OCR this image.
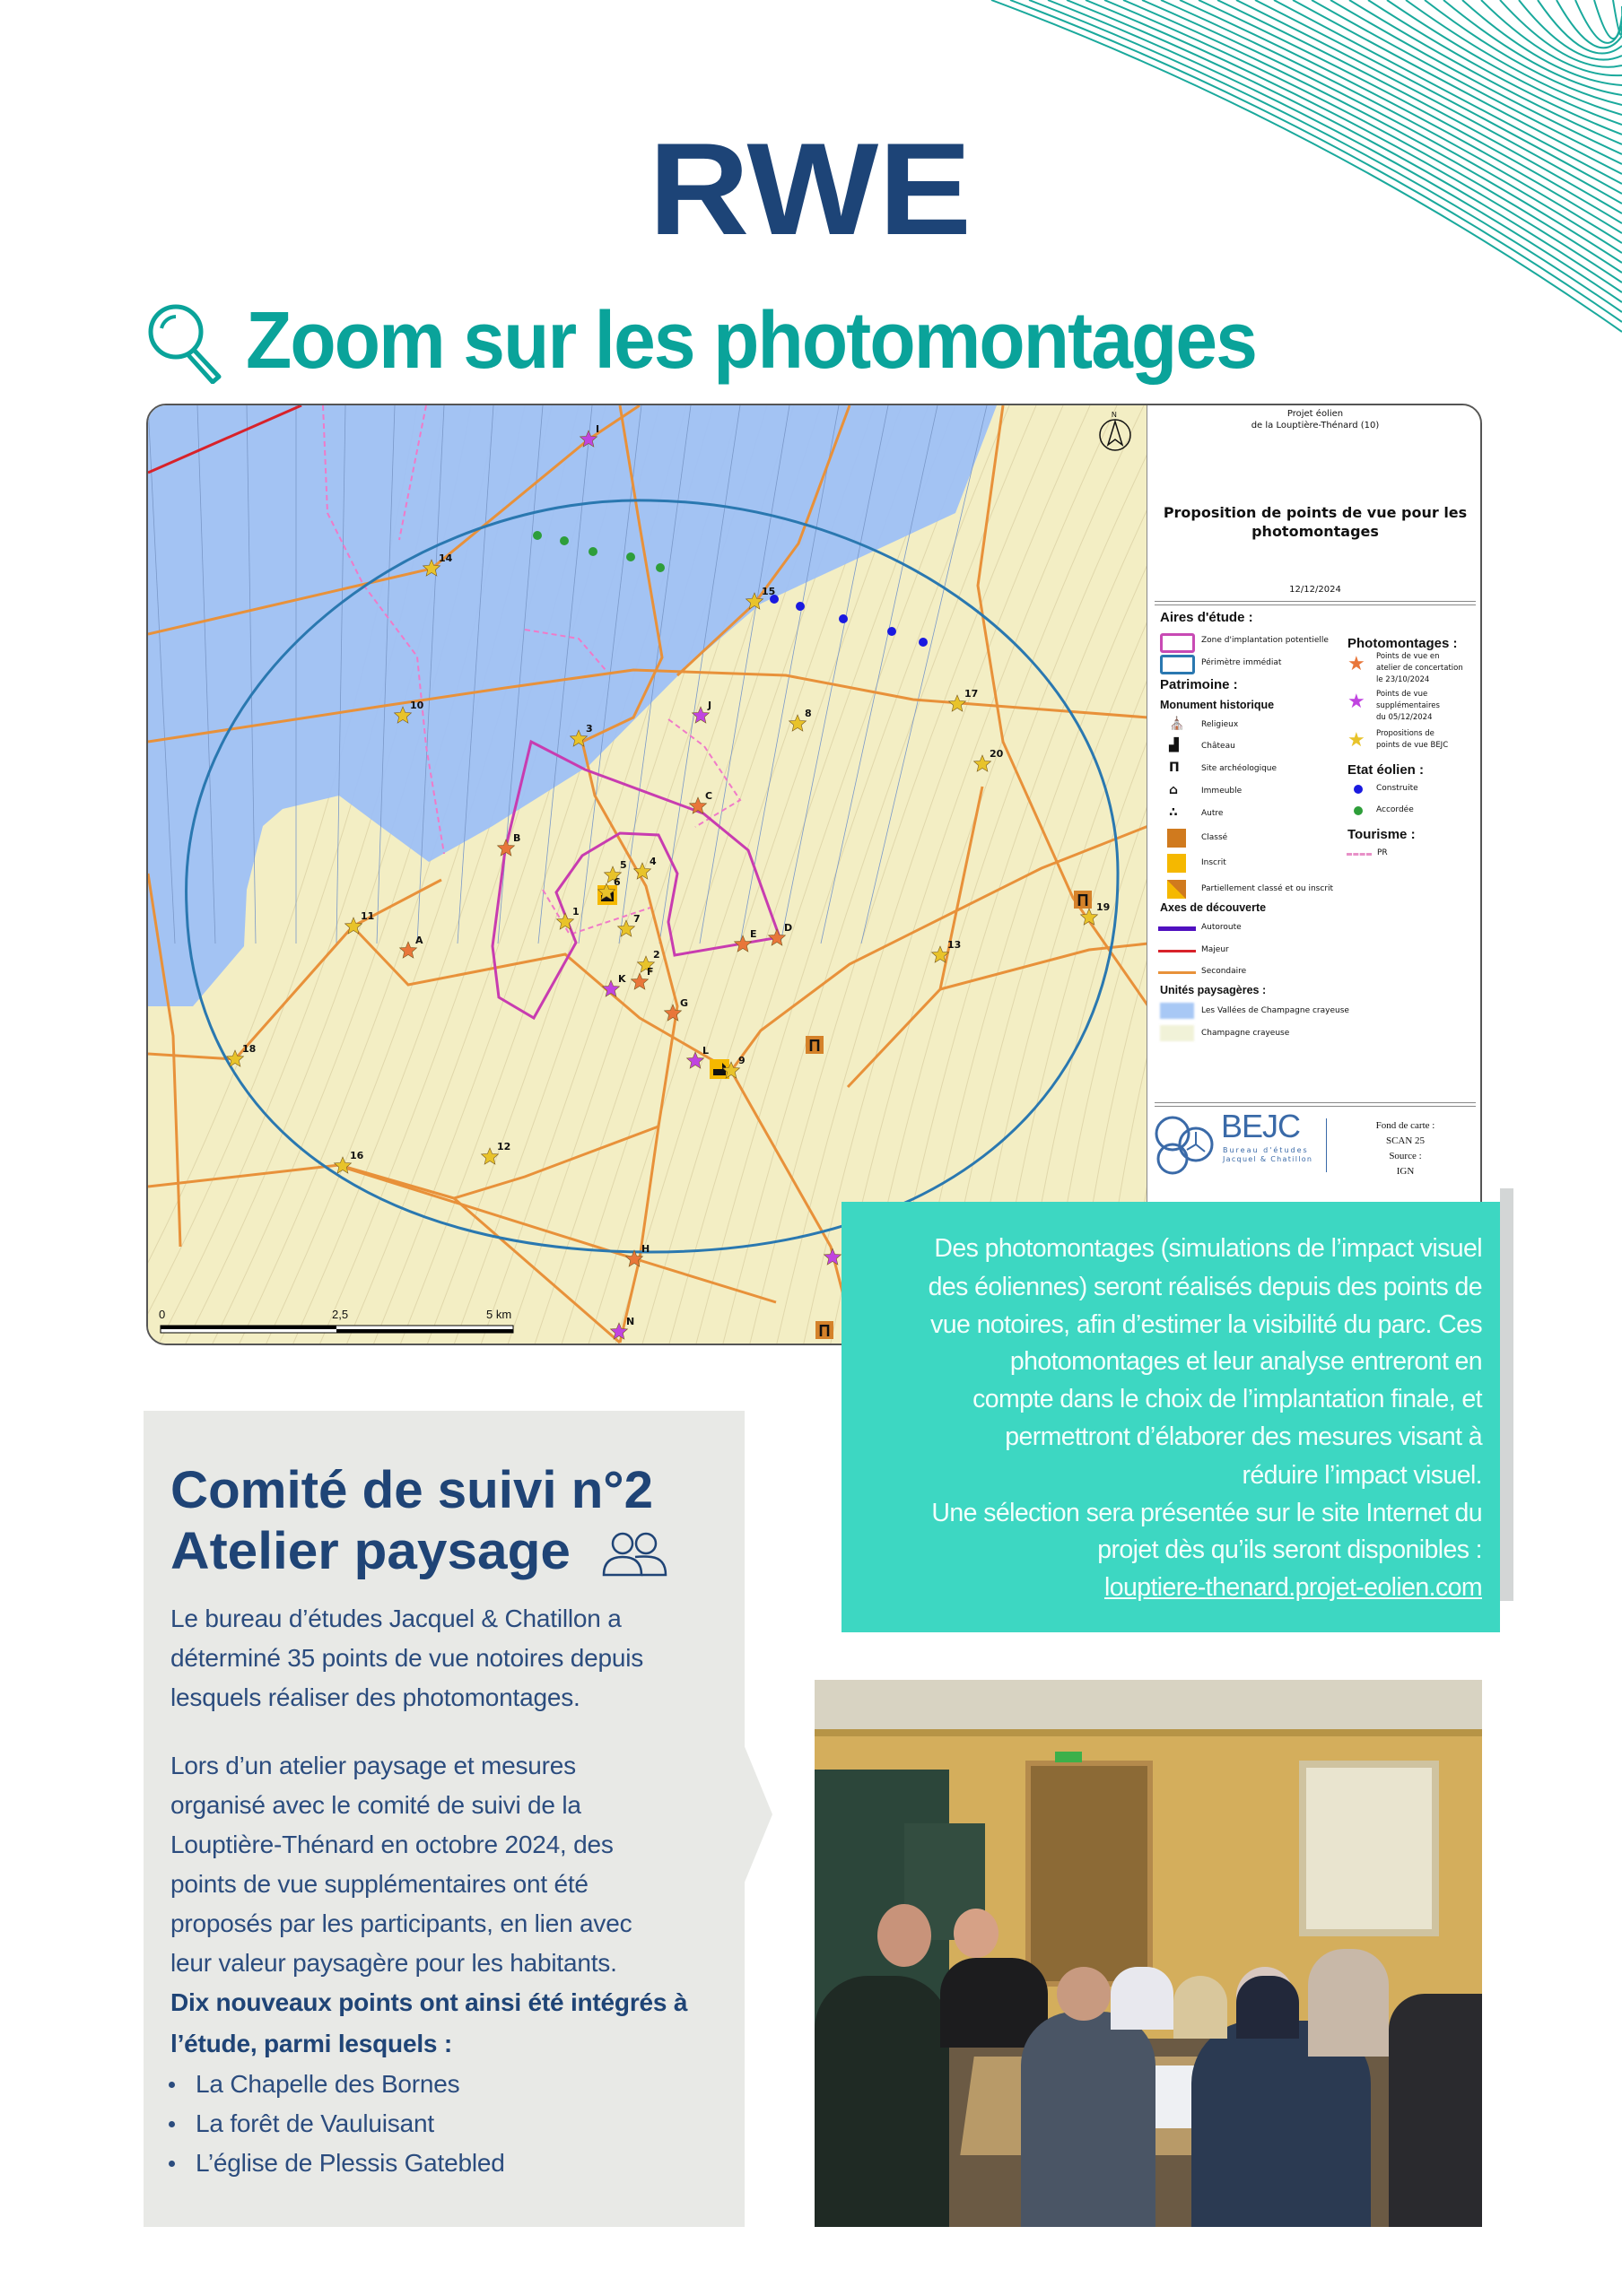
RWE
Zoom sur les photomontages
Π
Π
Π
I
14
15
10
3
J
8
17
20
C
B
5 4
6
1
7
11
A
E
D
19
13
2
K
F
G
L
9
18
16
12
H
N
0	2,5	5 km
N	Projet éolien
de la Louptière-Thénard (10)
Proposition de points de vue pour les
photomontages
12/12/2024
Aires d'étude :
Zone d'implantation potentielle
Périmètre immédiat
Patrimoine :
Monument historique
⛪ Religieux
▟	Château
Π	Site archéologique
⌂	Immeuble
∴	Autre
Classé
Inscrit
Partiellement classé et ou inscrit
Axes de découverte
Autoroute
Majeur
Secondaire
Unités paysagères :
Les Vallées de Champagne crayeuse
Champagne crayeuse
Photomontages :
★ Points de vue en
atelier de concertation
le 23/10/2024
★ Points de vue
supplémentaires
du 05/12/2024
★ Propositions de
points de vue BEJC
Etat éolien :
Construite
Accordée
Tourisme :
PR
BEJC
Bureau d'études
Jacquel & Chatillon
Fond de carte :
SCAN 25
Source :
IGN
Des photomontages (simulations de l’impact visuel
des éoliennes) seront réalisés depuis des points de
vue notoires, afin d’estimer la visibilité du parc. Ces
photomontages et leur analyse entreront en
compte dans le choix de l’implantation finale, et
permettront d’élaborer des mesures visant à
réduire l’impact visuel.
Une sélection sera présentée sur le site Internet du
projet dès qu’ils seront disponibles :
louptiere-thenard.projet-eolien.com
Comité de suivi n°2
Atelier paysage
Le bureau d’études Jacquel & Chatillon a
déterminé 35 points de vue notoires depuis
lesquels réaliser des photomontages.
Lors d’un atelier paysage et mesures
organisé avec le comité de suivi de la
Louptière-Thénard en octobre 2024, des
points de vue supplémentaires ont été
proposés par les participants, en lien avec
leur valeur paysagère pour les habitants.
Dix nouveaux points ont ainsi été intégrés à
l’étude, parmi lesquels :
La Chapelle des Bornes
La forêt de Vauluisant
L’église de Plessis Gatebled
